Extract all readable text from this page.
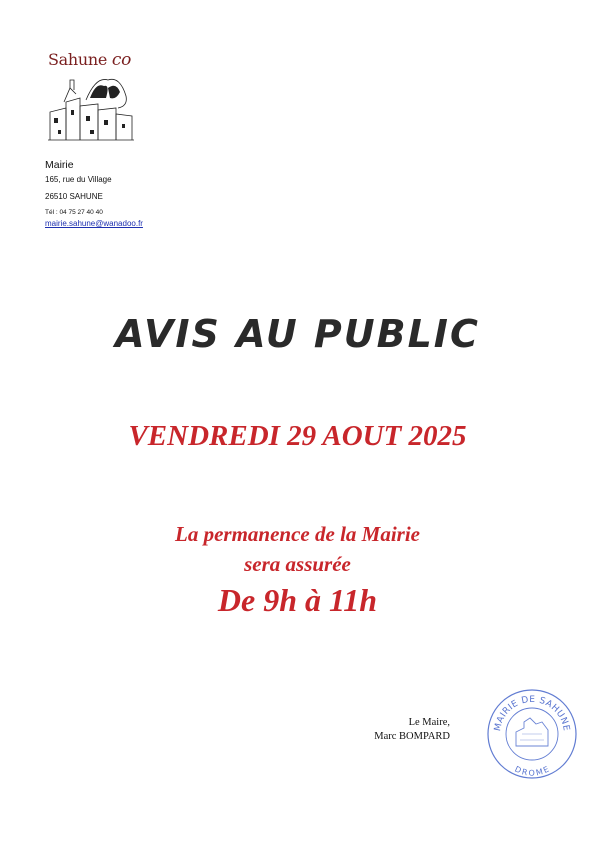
Sahune co
Mairie
165, rue du Village
26510 SAHUNE
Tél : 04 75 27 40 40
mairie.sahune@wanadoo.fr
AVIS AU PUBLIC
VENDREDI 29 AOUT 2025
La permanence de la Mairie
sera assurée
De 9h à 11h
Le Maire,
Marc BOMPARD
MAIRIE DE SAHUNE
DROME
